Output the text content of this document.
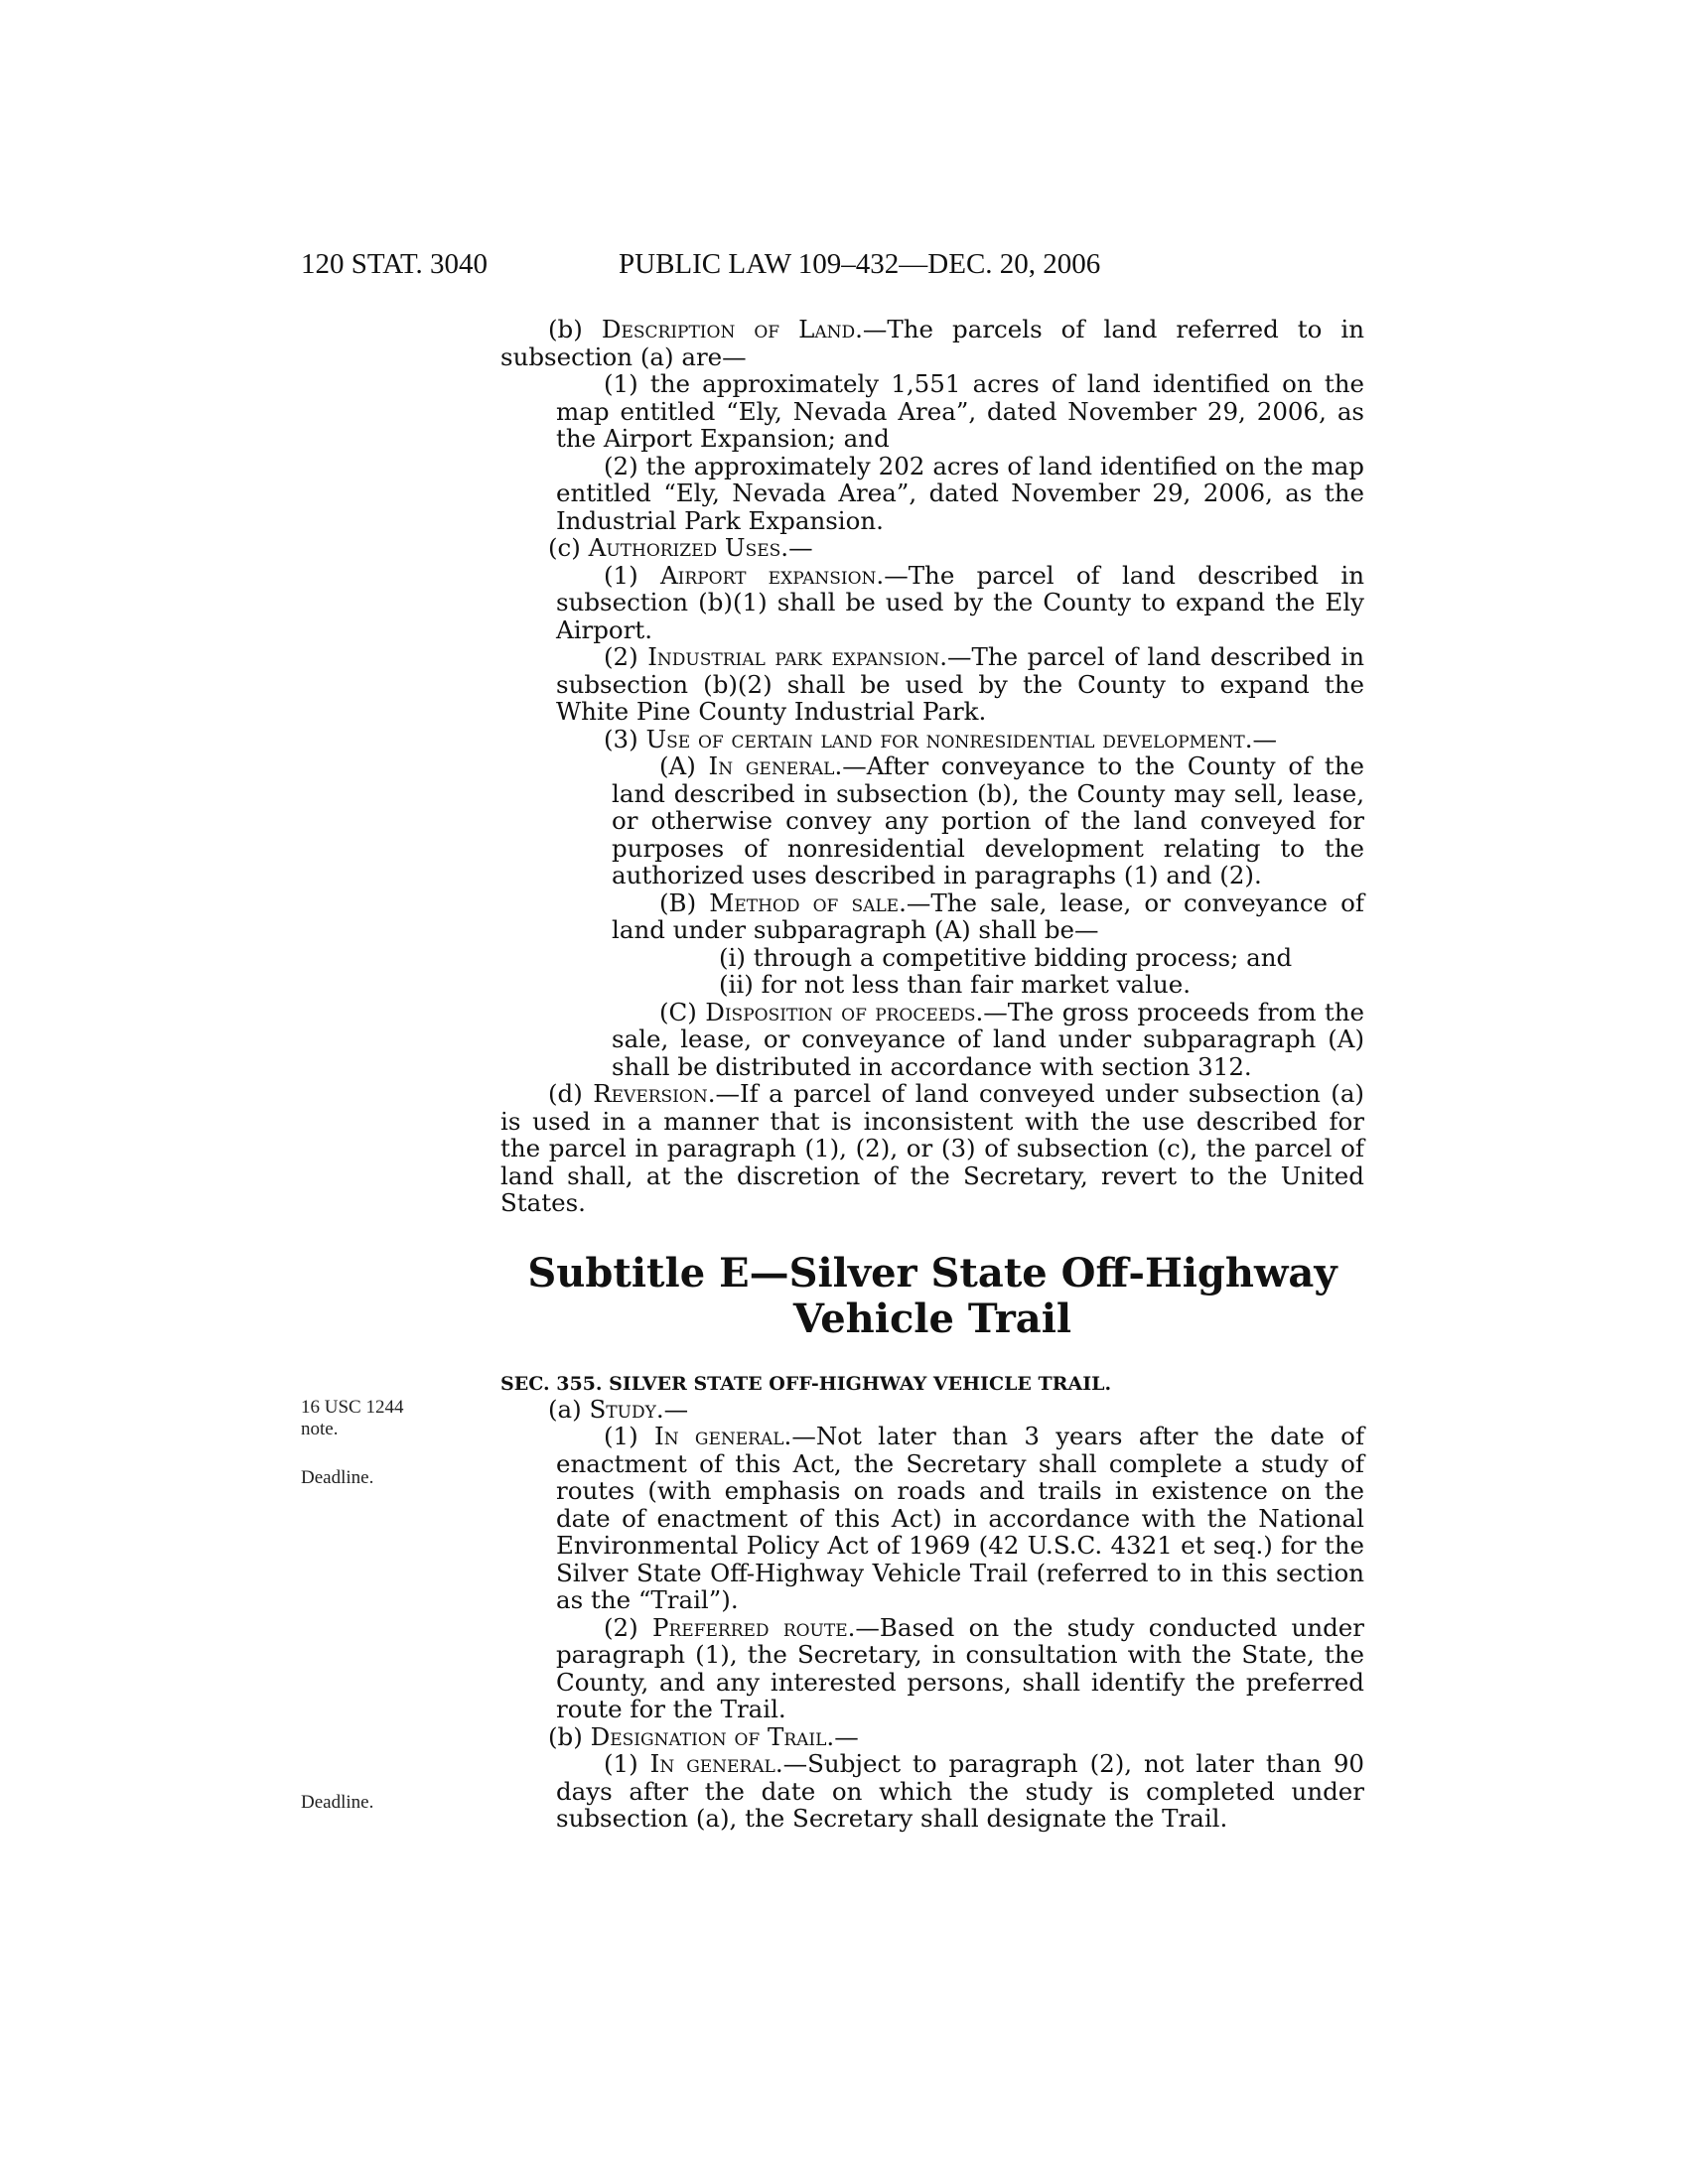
120 STAT. 3040	PUBLIC LAW 109–432—DEC. 20, 2006
16 USC 1244
note.
Deadline.
Deadline.

(b) Description of Land.—The parcels of land referred to in subsection (a) are—

(1) the approximately 1,551 acres of land identified on the map entitled “Ely, Nevada Area”, dated November 29, 2006, as the Airport Expansion; and

(2) the approximately 202 acres of land identified on the map entitled “Ely, Nevada Area”, dated November 29, 2006, as the Industrial Park Expansion.

(c) Authorized Uses.—

(1) Airport expansion.—The parcel of land described in subsection (b)(1) shall be used by the County to expand the Ely Airport.

(2) Industrial park expansion.—The parcel of land described in subsection (b)(2) shall be used by the County to expand the White Pine County Industrial Park.

(3) Use of certain land for nonresidential development.—

(A) In general.—After conveyance to the County of the land described in subsection (b), the County may sell, lease, or otherwise convey any portion of the land conveyed for purposes of nonresidential development relating to the authorized uses described in paragraphs (1) and (2).

(B) Method of sale.—The sale, lease, or conveyance of land under subparagraph (A) shall be—

(i) through a competitive bidding process; and

(ii) for not less than fair market value.

(C) Disposition of proceeds.—The gross proceeds from the sale, lease, or conveyance of land under subparagraph (A) shall be distributed in accordance with section 312.

(d) Reversion.—If a parcel of land conveyed under subsection (a) is used in a manner that is inconsistent with the use described for the parcel in paragraph (1), (2), or (3) of subsection (c), the parcel of land shall, at the discretion of the Secretary, revert to the United States.

Subtitle E—Silver State Off-Highway
Vehicle Trail

SEC. 355. SILVER STATE OFF-HIGHWAY VEHICLE TRAIL.

(a) Study.—

(1) In general.—Not later than 3 years after the date of enactment of this Act, the Secretary shall complete a study of routes (with emphasis on roads and trails in existence on the date of enactment of this Act) in accordance with the National Environmental Policy Act of 1969 (42 U.S.C. 4321 et seq.) for the Silver State Off-Highway Vehicle Trail (referred to in this section as the “Trail”).

(2) Preferred route.—Based on the study conducted under paragraph (1), the Secretary, in consultation with the State, the County, and any interested persons, shall identify the preferred route for the Trail.

(b) Designation of Trail.—

(1) In general.—Subject to paragraph (2), not later than 90 days after the date on which the study is completed under subsection (a), the Secretary shall designate the Trail.
